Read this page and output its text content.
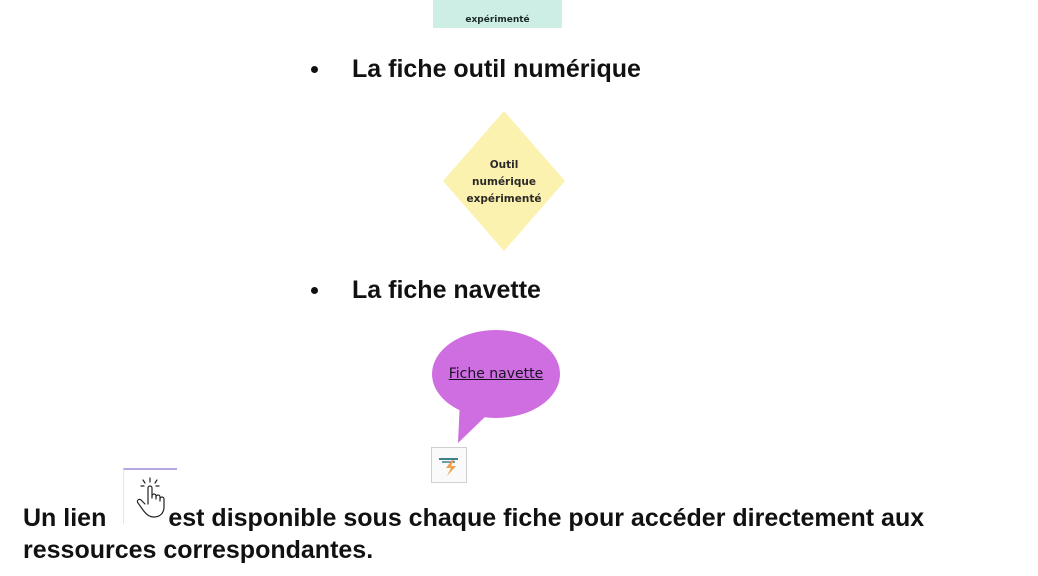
expérimenté
La fiche outil numérique
Outil
numérique
expérimenté
La fiche navette
Fiche navette
Un lien est disponible sous chaque fiche pour accéder directement aux
ressources correspondantes.
